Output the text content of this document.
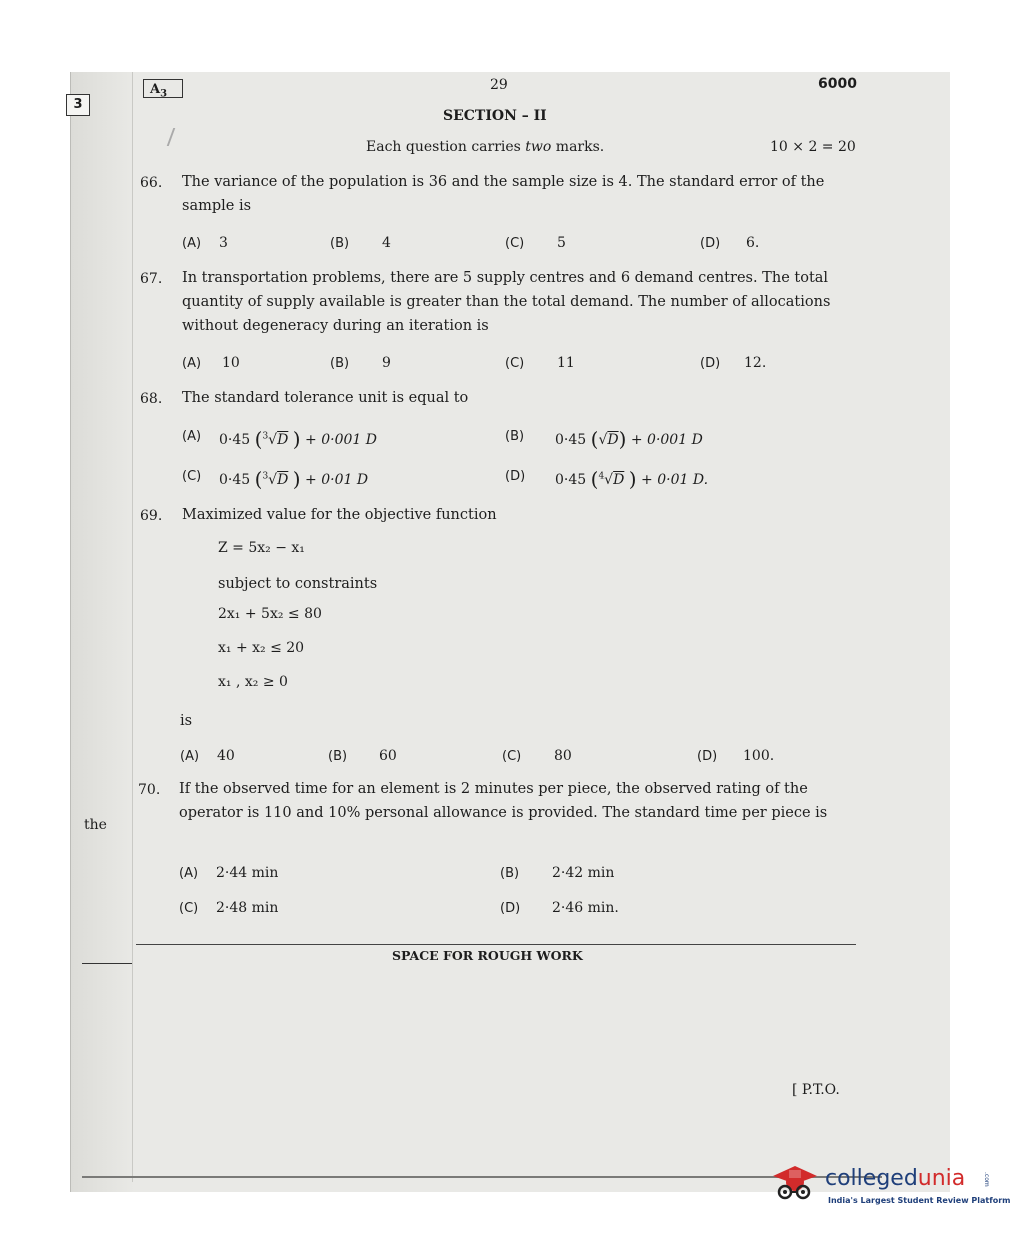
3
the
$A_3$
29	6000
SECTION – II
Each question carries two marks.	10 × 2 = 20
66. The variance of the population is 36 and the sample size is 4. The standard error of the sample is
(A) 3	(B) 4	(C) 5	(D) 6.
67. In transportation problems, there are 5 supply centres and 6 demand centres. The total quantity of supply available is greater than the total demand. The number of allocations without degeneracy during an iteration is
(A) 10	(B) 9	(C) 11	(D) 12.
68. The standard tolerance unit is equal to
(A) 0·45 ($^3$√D ) + 0·001 D	(B) 0·45 (√D) + 0·001 D
(C) 0·45 ($^3$√D ) + 0·01 D	(D) 0·45 ($^4$√D ) + 0·01 D.
69. Maximized value for the objective function
Z = 5x₂ − x₁
subject to constraints
2x₁ + 5x₂ ≤ 80
x₁ + x₂ ≤ 20
x₁ , x₂ ≥ 0
is
(A) 40	(B) 60	(C) 80	(D) 100.
70. If the observed time for an element is 2 minutes per piece, the observed rating of the operator is 110 and 10% personal allowance is provided. The standard time per piece is
(A) 2·44 min	(B) 2·42 min
(C) 2·48 min	(D) 2·46 min.
SPACE FOR ROUGH WORK
[ P.T.O.
collegedunia	.com
India's Largest Student Review Platform
